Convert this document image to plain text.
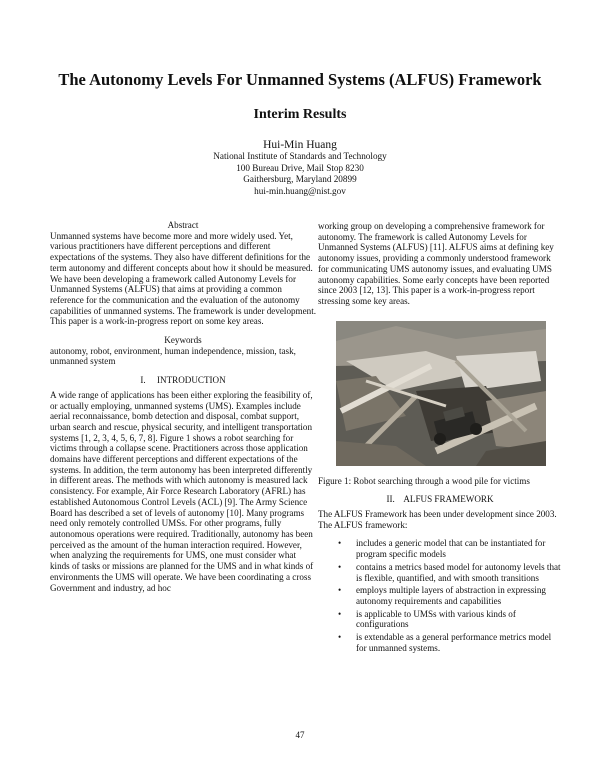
The Autonomy Levels For Unmanned Systems (ALFUS) Framework
Interim Results
Hui-Min Huang
National Institute of Standards and Technology
100 Bureau Drive, Mail Stop 8230
Gaithersburg, Maryland 20899
hui-min.huang@nist.gov
Abstract

Unmanned systems have become more and more widely used. Yet, various practitioners have different perceptions and different expectations of the systems. They also have different definitions for the term autonomy and different concepts about how it should be measured. We have been developing a framework called Autonomy Levels for Unmanned Systems (ALFUS) that aims at providing a common reference for the communication and the evaluation of the autonomy capabilities of unmanned systems. The framework is under development. This paper is a work-in-progress report on some key areas.

Keywords

autonomy, robot, environment, human independence, mission, task, unmanned system

I.     INTRODUCTION

A wide range of applications has been either exploring the feasibility of, or actually employing, unmanned systems (UMS). Examples include aerial reconnaissance, bomb detection and disposal, combat support, urban search and rescue, physical security, and intelligent transportation systems [1, 2, 3, 4, 5, 6, 7, 8]. Figure 1 shows a robot searching for victims through a collapse scene. Practitioners across those application domains have different perceptions and different expectations of the systems. In addition, the term autonomy has been interpreted differently in different areas. The methods with which autonomy is measured lack consistency. For example, Air Force Research Laboratory (AFRL) has established Autonomous Control Levels (ACL) [9]. The Army Science Board has described a set of levels of autonomy [10]. Many programs need only remotely controlled UMSs. For other programs, fully autonomous operations were required. Traditionally, autonomy has been perceived as the amount of the human interaction required. However, when analyzing the requirements for UMS, one must consider what kinds of tasks or missions are planned for the UMS and in what kinds of environments the UMS will operate. We have been coordinating a cross Government and industry, ad hoc

working group on developing a comprehensive framework for autonomy. The framework is called Autonomy Levels for Unmanned Systems (ALFUS) [11]. ALFUS aims at defining key autonomy issues, providing a commonly understood framework for communicating UMS autonomy issues, and evaluating UMS autonomy capabilities. Some early concepts have been reported since 2003 [12, 13]. This paper is a work-in-progress report stressing some key areas.

Figure 1: Robot searching through a wood pile for victims

II.    ALFUS FRAMEWORK

The ALFUS Framework has been under development since 2003. The ALFUS framework:

• includes a generic model that can be instantiated for program specific models
• contains a metrics based model for autonomy levels that is flexible, quantified, and with smooth transitions
• employs multiple layers of abstraction in expressing autonomy requirements and capabilities
• is applicable to UMSs with various kinds of configurations
• is extendable as a general performance metrics model for unmanned systems.
47
